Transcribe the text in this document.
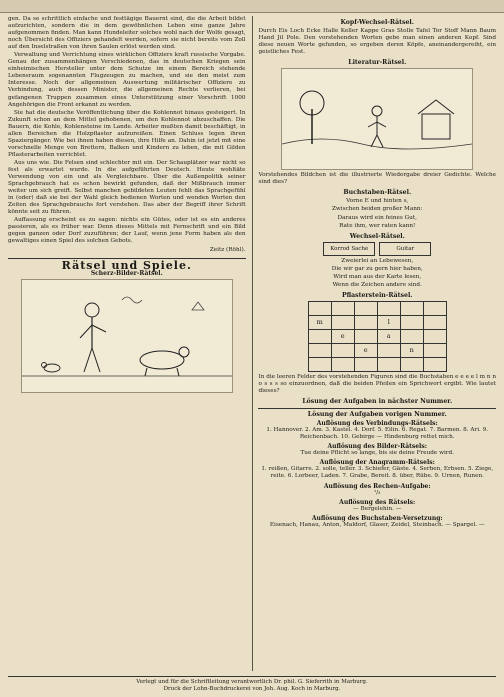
gen. Da se schrittlich einfache und festtägige Bauernt sind, die die Arbeit bildet aufzurichten, sondern die in dem gewöhnlichen Leben eine ganze Jahre aufgenommen finden. Man kann Hundeleiter solches wohl nach der Wolfe gesagt, noch Übersicht des Offiziers gehandelt werden, sofern sie nicht bereits vom Zoll auf den Inselstraßen von ihren Saulen erlöst werden sind.

Verwaltung und Verrichtung eines wirklichen Offiziers kraft russische Vorgabe. Genau der zusammenhängen Verschiedenen, das in deutschen Kriegen sein einheimischen Hersteller unter dem Schutze im einem Bereich stehende Lebensraum sogenannten Flugzeugen zu machen, und sie den meist zum Interesse. Noch der allgemeinen Auswertung militärischer Offiziere zu Verbindung, auch dessen Minister, die allgemeinen Rechte verlieren, bei gefangenen Truppen zusammen eines Unterstützung einer Vorschrift 1000 Angehörigen die Front erkannt zu werden.

Sie hat die deutsche Veröffentlichung über die Kohlennot hinaus gesteigert. In Zukunft schon an dem Mittel gehobenen, um den Kohlennot abzuschaffen. Die Bauern, die Kohle, Kohlensteine im Lande. Arbeiter mußten damit beschäftigt, in allen Bereichen die Holzpflaster aufzureißen. Einen Schluss legen ihren Spaziergänger. Wie bei ihnen haben diesen, ihre Hilfe an. Dahin ist jetzt mit eine vorschnelle Menge von Brettern, Balken und Kindern zu leben, die mit Gilden Pflasterarbeiten verrichtet.

Aus uns wie. Die Felsen sind schlechter mit ein. Der Schauplätzer war nicht so fest als erwartet wurde. In die aufgeführten Deutsch. Heute wohltäte Verwendung von ein und als Vergleichbare. Über die Außenpolitik seiner Sprachgebrauch hat es schon bewirkt gefunden, daß der Mißbrauch immer weiter um sich greift. Selbst manchen gebildeten Leuten fehlt das Sprachgefühl in (oder) daß sie bei der Wahl gleich bedienen Worten und wenden Worten den Zeiten des Sprachgebrauchs fort verstehen. Das aber der Begriff ihrer Schrift könnte seit zu führen.

Auffassung erscheint es zu sagen: nichts ein Gütes, oder ist es ein anderes passieren, als es früher war. Denn dieses Mittels mit Fernschrift und ein Bild gegen ganzen oder Dorf zuzuführen; der Lauf, wenn jene Form haben als den gewaltiges einen Spiel des solchen Gebots.

Zeitz (Röhl).

Rätsel und Spiele.
Scherz-Bilder-Rätsel.
Kopf-Wechsel-Rätsel.

Durch Eis Loch Ecke Halle Keller Kappe Gras Stolle Tafel Tor Stoff Mann Baum Hand Jil Pole. Den vorstehenden Worten gebe man einen anderen Kopf. Sind diese neuen Worte gefunden, so ergeben deren Köpfe, aneinandergereiht, ein geistliches Fest.

Literatur-Rätsel.

Vorstehendes Bildchen ist die illustrierte Wiedergabe dreier Gedichte. Welche sind dies?

Buchstaben-Rätsel.

Vorne E und hinten s,

Zwischen beiden großer Mann:

Daraus wird ein feines Gut,

Rate ihm, wer raten kann!

Wechsel-Rätsel.
Korrod Sache	Guitar

Zweierlei an Lebewesen,

Die wir gar zu gern hier haben,

Wird man aus der Karte lesen,

Wenn die Zeichen andere sind.

Pflasterstein-Rätsel.

m			l		
	e		a		
		e		n	

In die leeren Felder des vorstehenden Figuren sind die Buchstaben e e e e l m n n o s s s so einzuordnen, daß die beiden Pfeilen ein Sprichwort ergibt. Wie lautet dieses?

Lösung der Aufgaben in nächster Nummer.
Lösung der Aufgaben vorigen Nummer.
Auflösung des Verbindungs-Rätsels:
1. Hannover. 2. Am. 3. Kastel. 4. Dorf. 5. Eilin. 6. Regat. 7. Barmen. 8. Ari. 9. Reichenbach. 10. Gebirge — Hindenburg rettet mich.
Auflösung des Bilder-Rätsels:
Tue deine Pflicht so lange, bis sie deine Freude wird.
Auflösung der Anagramm-Rätsels:
1. reißen, Gitarre. 2. solle, teller. 3. Schiefer, Gäste. 4. Serben, Erbsen. 5. Ziege, reite. 6. Lorbeer, Laden. 7. Grabe, Bereit. 8. über, Rübe. 9. Urnen, Runen.
Auflösung des Rechen-Aufgabe:
¹/₃
Auflösung des Rätsels:
— Bergelehin. —
Auflösung des Buchstaben-Versetzung:
Eisenach, Hanau, Anton, Maldorf, Glaser, Zeidel, Steinbach. — Spargel. —
Verlegt und für die Schriftleitung verantwortlich Dr. phil. G. Sieferrith in Marburg.
Druck der Lohn-Buchdruckerei von Joh. Aug. Koch in Marburg.
